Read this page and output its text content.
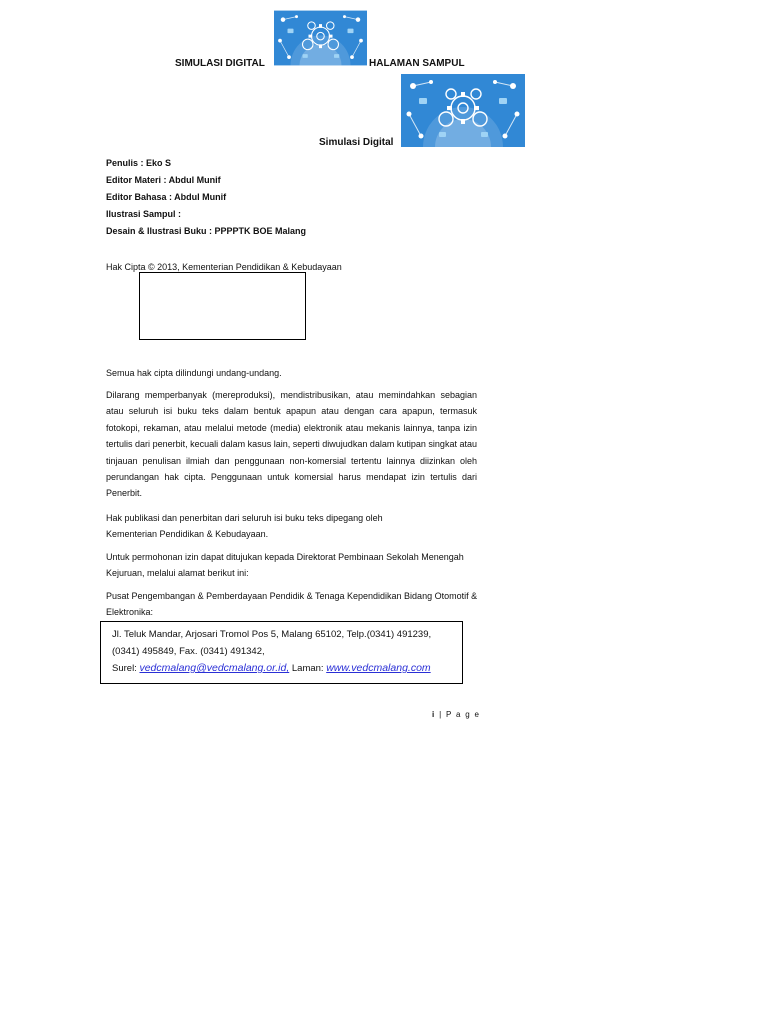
SIMULASI DIGITAL	HALAMAN SAMPUL
Simulasi Digital
Penulis : Eko S
Editor Materi : Abdul Munif
Editor Bahasa : Abdul Munif
Ilustrasi Sampul :
Desain & Ilustrasi Buku : PPPPTK BOE Malang
Hak Cipta © 2013, Kementerian Pendidikan & Kebudayaan
Semua hak cipta dilindungi undang-undang.
Dilarang memperbanyak (mereproduksi), mendistribusikan, atau memindahkan sebagian atau seluruh isi buku teks dalam bentuk apapun atau dengan cara apapun, termasuk fotokopi, rekaman, atau melalui metode (media) elektronik atau mekanis lainnya, tanpa izin tertulis dari penerbit, kecuali dalam kasus lain, seperti diwujudkan dalam kutipan singkat atau tinjauan penulisan ilmiah dan penggunaan non-komersial tertentu lainnya diizinkan oleh perundangan hak cipta. Penggunaan untuk komersial harus mendapat izin tertulis dari Penerbit.
Hak publikasi dan penerbitan dari seluruh isi buku teks dipegang oleh Kementerian Pendidikan & Kebudayaan.
Untuk permohonan izin dapat ditujukan kepada Direktorat Pembinaan Sekolah Menengah Kejuruan, melalui alamat berikut ini:
Pusat Pengembangan & Pemberdayaan Pendidik & Tenaga Kependidikan Bidang Otomotif & Elektronika:
Jl. Teluk Mandar, Arjosari Tromol Pos 5, Malang 65102, Telp.(0341) 491239,
(0341) 495849, Fax. (0341) 491342,
Surel: vedcmalang@vedcmalang.or.id, Laman: www.vedcmalang.com
i | P a g e
